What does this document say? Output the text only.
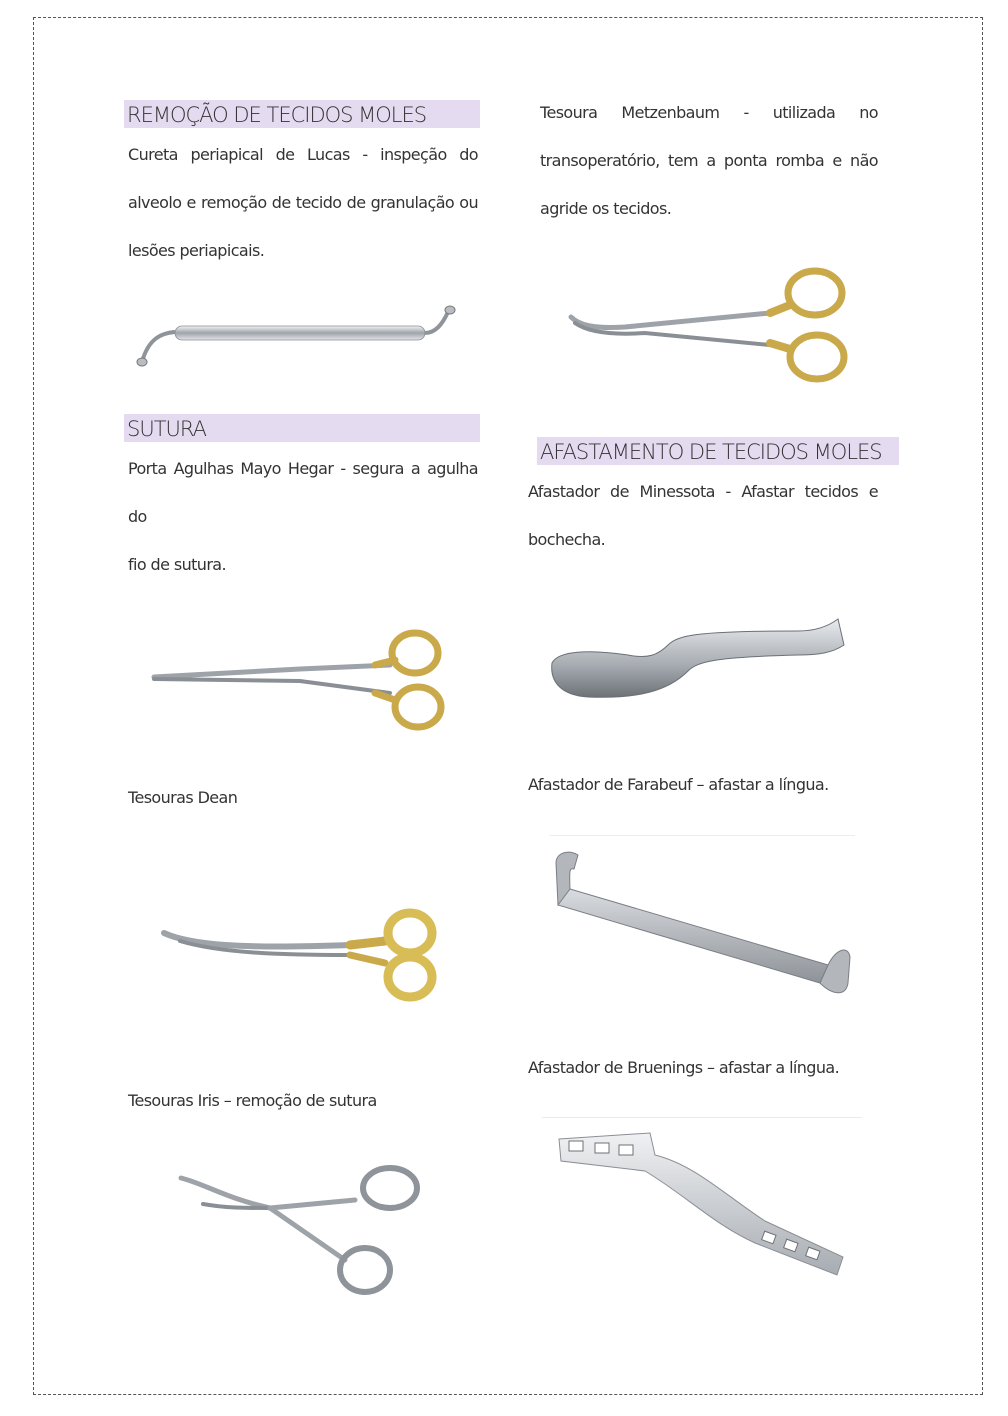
REMOÇÃO DE TECIDOS MOLES
Cureta periapical de Lucas - inspeção do
alveolo e remoção de tecido de granulação ou
lesões periapicais.
SUTURA
Porta Agulhas Mayo Hegar - segura a agulha do
fio de sutura.
Tesouras Dean
Tesouras Iris – remoção de sutura
Tesoura Metzenbaum - utilizada no
transoperatório, tem a ponta romba e não
agride os tecidos.
AFASTAMENTO DE TECIDOS MOLES
Afastador de Minessota - Afastar tecidos e
bochecha.
Afastador de Farabeuf – afastar a língua.
Afastador de Bruenings – afastar a língua.
